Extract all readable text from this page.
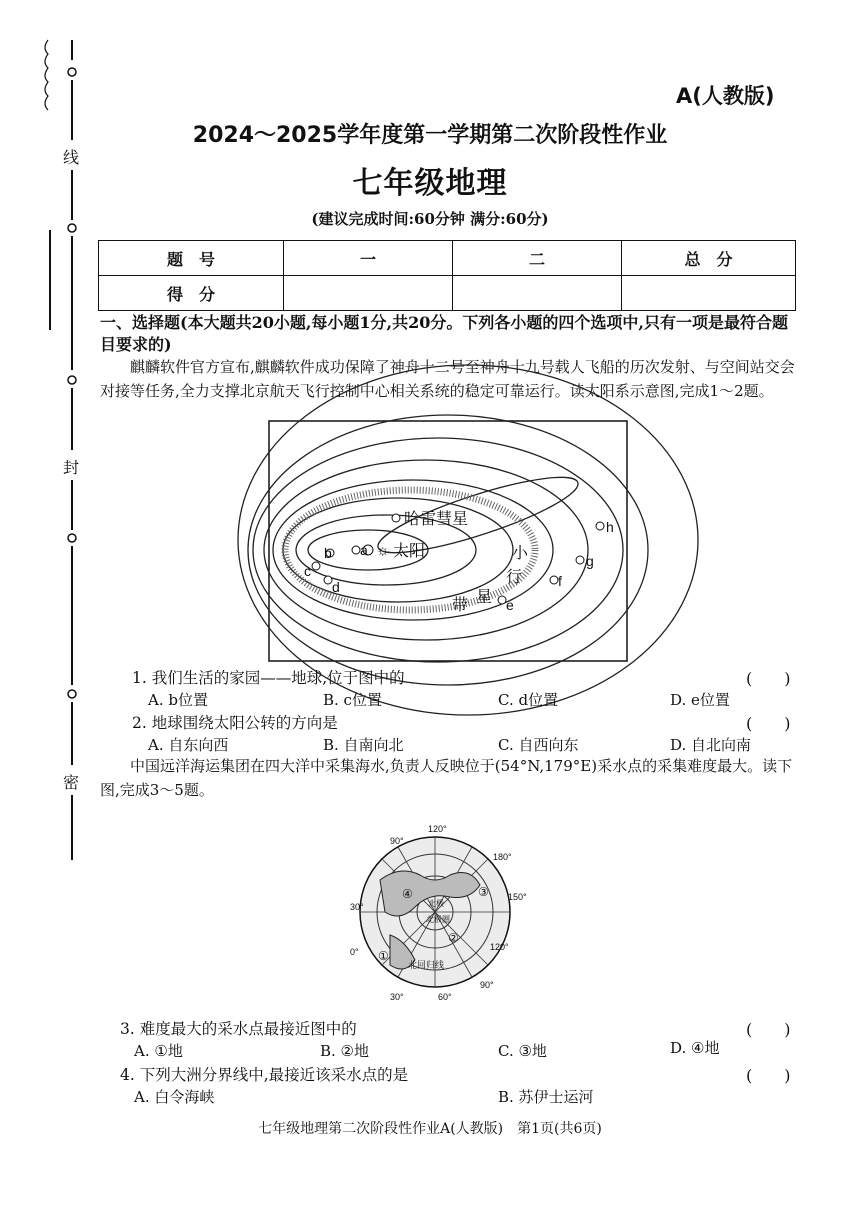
线
封
密
A(人教版)
2024～2025学年度第一学期第二次阶段性作业
七年级地理
(建议完成时间:60分钟 满分:60分)
题　号	一	二	总　分
得　分			
一、选择题(本大题共20小题,每小题1分,共20分。下列各小题的四个选项中,只有一项是最符合题目要求的)
麒麟软件官方宣布,麒麟软件成功保障了神舟十二号至神舟十九号载人飞船的历次发射、与空间站交会对接等任务,全力支撑北京航天飞行控制中心相关系统的稳定可靠运行。读太阳系示意图,完成1～2题。
a
b
c
d
e
f
g
h
☼ 太阳
哈雷彗星
小
行
星
带
1. 我们生活的家园——地球,位于图中的	(　　)
A. b位置	B. c位置	C. d位置	D. e位置
2. 地球围绕太阳公转的方向是	(　　)
A. 自东向西	B. 自南向北	C. 自西向东	D. 自北向南
中国远洋海运集团在四大洋中采集海水,负责人反映位于(54°N,179°E)采水点的采集难度最大。读下图,完成3～5题。
120°
90°
180°
150°
30°
120°
0°
30°	60°
90°
北极
北极圈
北回归线
①
②
③
④
3. 难度最大的采水点最接近图中的	(　　)
A. ①地	B. ②地	C. ③地	D. ④地
4. 下列大洲分界线中,最接近该采水点的是	(　　)
A. 白令海峡	B. 苏伊士运河
七年级地理第二次阶段性作业A(人教版)　第1页(共6页)
